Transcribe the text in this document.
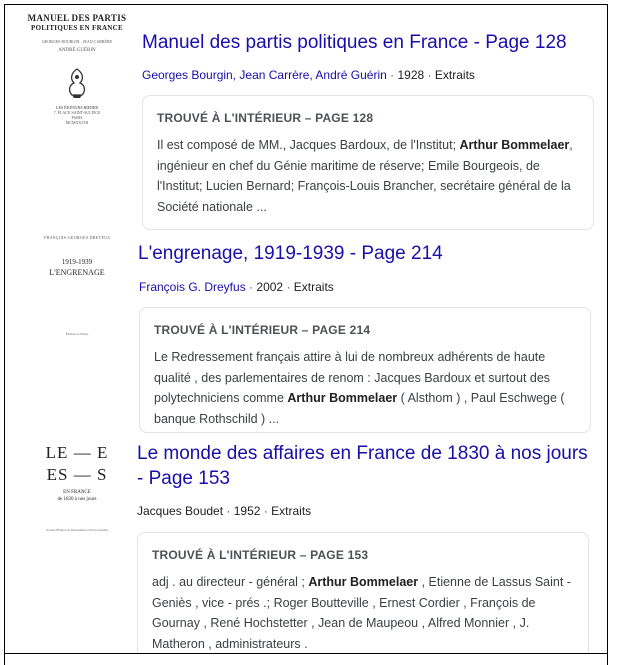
MANUEL DES PARTIS
POLITIQUES EN FRANCE
GEORGES BOURGIN · JEAN CARRÈRE
ANDRÉ GUÉRIN
LES ÉDITIONS RIEDER
7, PLACE SAINT-SULPICE
PARIS
MCMXXVIII
Manuel des partis politiques en France - Page 128
Georges Bourgin, Jean Carrère, André Guérin · 1928 · Extraits
TROUVÉ À L'INTÉRIEUR – PAGE 128
Il est composé de MM., Jacques Bardoux, de l'Institut; Arthur Bommelaer, ingénieur en chef du Génie maritime de réserve; Emile Bourgeois, de l'Institut; Lucien Bernard; François-Louis Brancher, secrétaire général de la Société nationale ...
FRANÇOIS-GEORGES DREYFUS
1919-1939
L'ENGRENAGE
Éditions de Fallois
L'engrenage, 1919-1939 - Page 214
François G. Dreyfus · 2002 · Extraits
TROUVÉ À L'INTÉRIEUR – PAGE 214
Le Redressement français attire à lui de nombreux adhérents de haute qualité , des parlementaires de renom : Jacques Bardoux et surtout des polytechniciens comme Arthur Bommelaer ( Alsthom ) , Paul Eschwege ( banque Rothschild ) ...
LE — E
ES — S
EN FRANCE
de 1830 à nos jours
Société d'Édition de Dictionnaires et Encyclopédies
Le monde des affaires en France de 1830 à nos jours - Page 153
Jacques Boudet · 1952 · Extraits
TROUVÉ À L'INTÉRIEUR – PAGE 153
adj . au directeur - général ; Arthur Bommelaer , Etienne de Lassus Saint - Geniès , vice - prés .; Roger Boutteville , Ernest Cordier , François de Gournay , René Hochstetter , Jean de Maupeou , Alfred Monnier , J. Matheron , administrateurs .
